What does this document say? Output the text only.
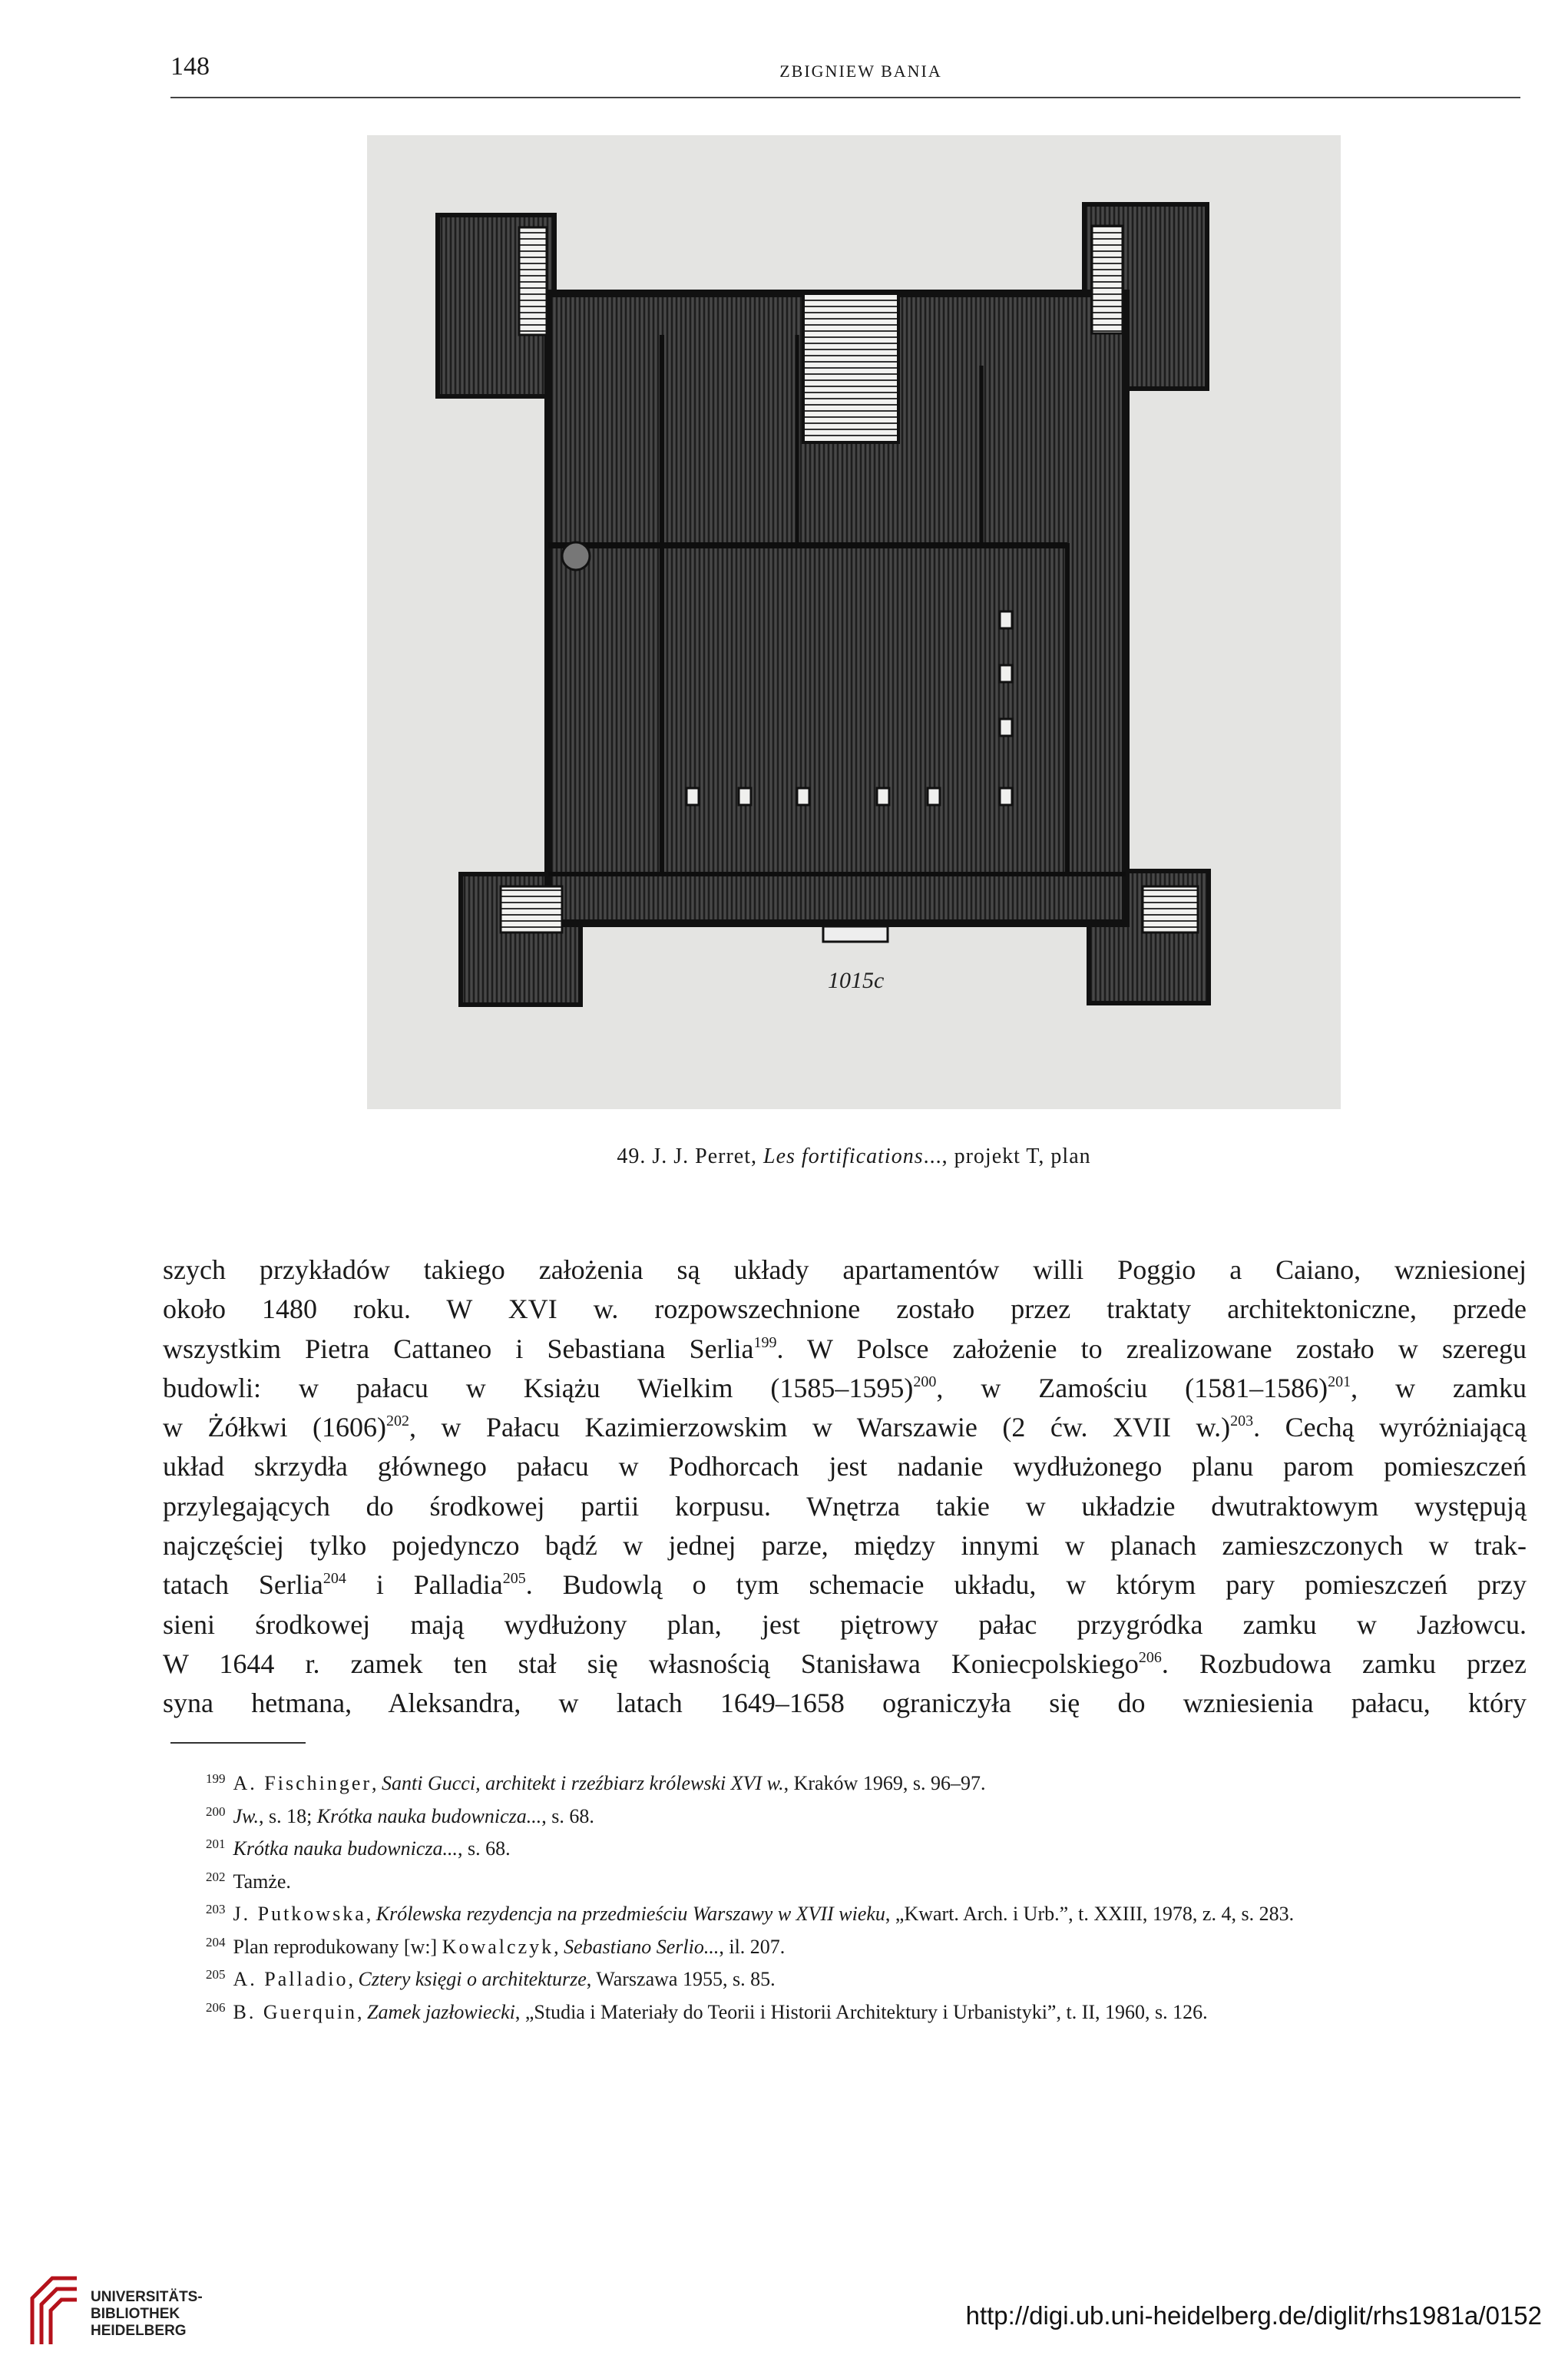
148	ZBIGNIEW BANIA
1015c
49. J. J. Perret, Les fortifications..., projekt T, plan
szych przykładów takiego założenia są układy apartamentów willi Poggio a Caiano, wzniesionej
około 1480 roku. W XVI w. rozpowszechnione zostało przez traktaty architektoniczne, przede
wszystkim Pietra Cattaneo i Sebastiana Serlia$^{199}$. W Polsce założenie to zrealizowane zostało w szeregu
budowli: w pałacu w Książu Wielkim (1585–1595)$^{200}$, w Zamościu (1581–1586)$^{201}$, w zamku
w Żółkwi $(1606)^{202}$, w Pałacu Kazimierzowskim w Warszawie (2 ćw. XVII w.)$^{203}$. Cechą wyróżniającą
układ skrzydła głównego pałacu w Podhorcach jest nadanie wydłużonego planu parom pomieszczeń
przylegających do środkowej partii korpusu. Wnętrza takie w układzie dwutraktowym występują
najczęściej tylko pojedynczo bądź w jednej parze, między innymi w planach zamieszczonych w trak-
tatach Serlia$^{204}$ i Palladia$^{205}$. Budowlą o tym schemacie układu, w którym pary pomieszczeń przy
sieni środkowej mają wydłużony plan, jest piętrowy pałac przygródka zamku w Jazłowcu.
W 1644 r. zamek ten stał się własnością Stanisława Koniecpolskiego$^{206}$. Rozbudowa zamku przez
syna hetmana, Aleksandra, w latach 1649–1658 ograniczyła się do wzniesienia pałacu, który
$^{199}$ A. Fischinger, Santi Gucci, architekt i rzeźbiarz królewski XVI w., Kraków 1969, s. 96–97.
$^{200}$ Jw., s. 18; Krótka nauka budownicza..., s. 68.
$^{201}$ Krótka nauka budownicza..., s. 68.
$^{202}$ Tamże.
$^{203}$ J. Putkowska, Królewska rezydencja na przedmieściu Warszawy w XVII wieku, „Kwart. Arch. i Urb.”, t. XXIII, 1978, z. 4, s. 283.
$^{204}$ Plan reprodukowany [w:] Kowalczyk, Sebastiano Serlio..., il. 207.
$^{205}$ A. Palladio, Cztery księgi o architekturze, Warszawa 1955, s. 85.
$^{206}$ B. Guerquin, Zamek jazłowiecki, „Studia i Materiały do Teorii i Historii Architektury i Urbanistyki”, t. II, 1960, s. 126.
UNIVERSITÄTS-
BIBLIOTHEK
HEIDELBERG
http://digi.ub.uni-heidelberg.de/diglit/rhs1981a/0152
